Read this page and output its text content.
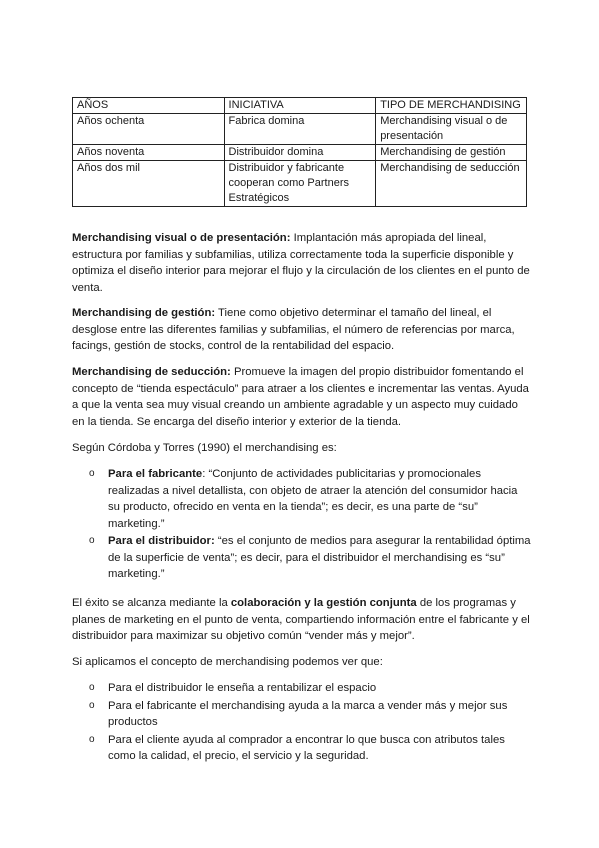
AÑOS	INICIATIVA	TIPO DE MERCHANDISING
Años ochenta	Fabrica domina	Merchandising visual o de presentación
Años noventa	Distribuidor domina	Merchandising de gestión
Años dos mil	Distribuidor y fabricante cooperan como Partners Estratégicos	Merchandising de seducción

Merchandising visual o de presentación: Implantación más apropiada del lineal, estructura por familias y subfamilias, utiliza correctamente toda la superficie disponible y optimiza el diseño interior para mejorar el flujo y la circulación de los clientes en el punto de venta.

Merchandising de gestión: Tiene como objetivo determinar el tamaño del lineal, el desglose entre las diferentes familias y subfamilias, el número de referencias por marca, facings, gestión de stocks, control de la rentabilidad del espacio.

Merchandising de seducción: Promueve la imagen del propio distribuidor fomentando el concepto de “tienda espectáculo” para atraer a los clientes e incrementar las ventas. Ayuda a que la venta sea muy visual creando un ambiente agradable y un aspecto muy cuidado en la tienda. Se encarga del diseño interior y exterior de la tienda.

Según Córdoba y Torres (1990) el merchandising es:

o Para el fabricante: “Conjunto de actividades publicitarias y promocionales realizadas a nivel detallista, con objeto de atraer la atención del consumidor hacia su producto, ofrecido en venta en la tienda”; es decir, es una parte de “su” marketing.”
o Para el distribuidor: “es el conjunto de medios para asegurar la rentabilidad óptima de la superficie de venta”; es decir, para el distribuidor el merchandising es “su” marketing.”

El éxito se alcanza mediante la colaboración y la gestión conjunta de los programas y planes de marketing en el punto de venta, compartiendo información entre el fabricante y el distribuidor para maximizar su objetivo común “vender más y mejor”.

Si aplicamos el concepto de merchandising podemos ver que:

o Para el distribuidor le enseña a rentabilizar el espacio
o Para el fabricante el merchandising ayuda a la marca a vender más y mejor sus productos
o Para el cliente ayuda al comprador a encontrar lo que busca con atributos tales como la calidad, el precio, el servicio y la seguridad.
